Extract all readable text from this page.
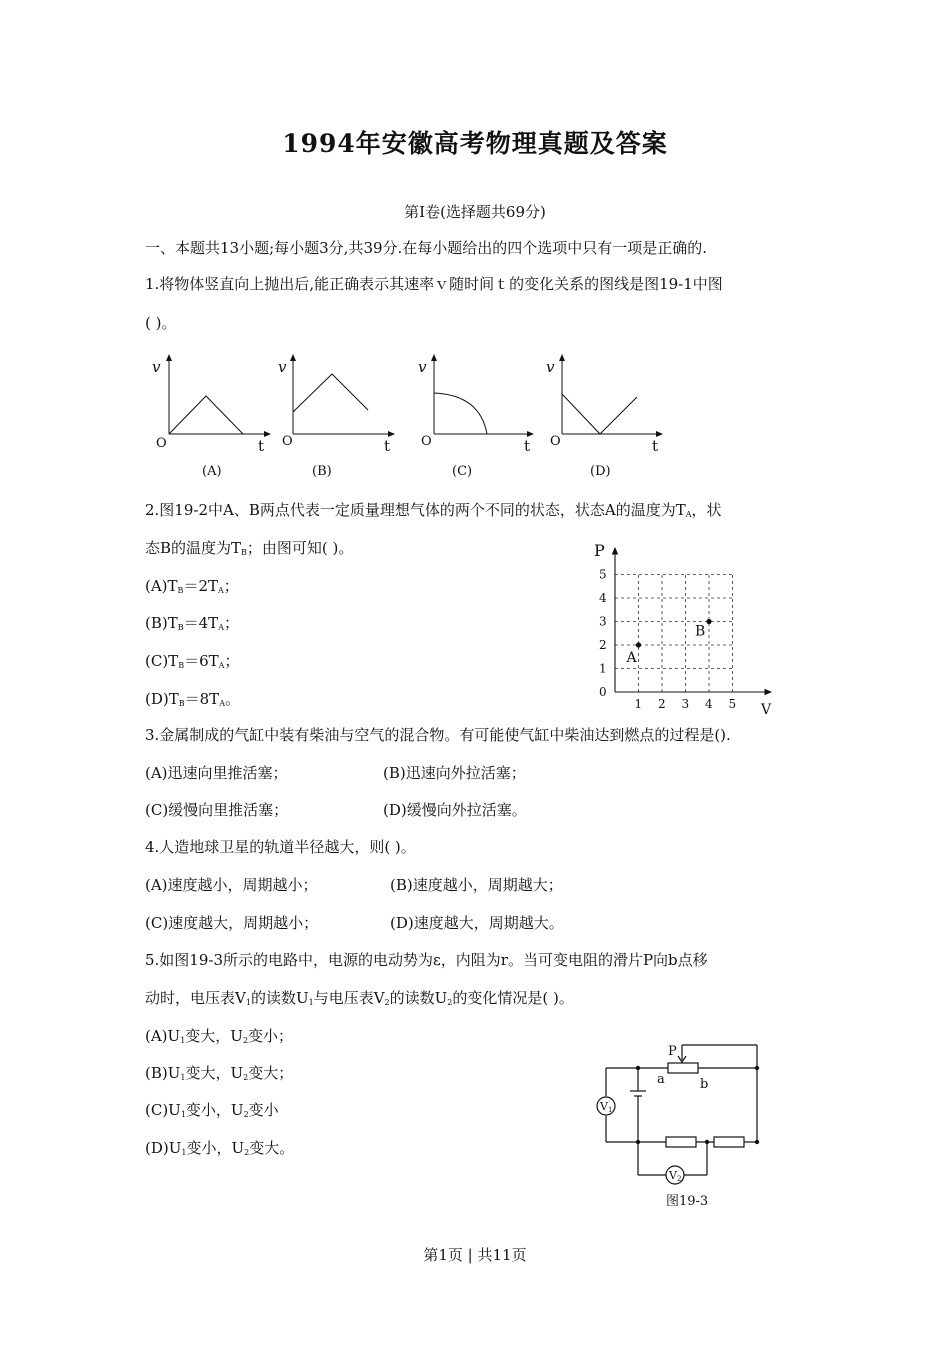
1994年安徽高考物理真题及答案
第Ⅰ卷(选择题共69分)
一、本题共13小题;每小题3分,共39分.在每小题给出的四个选项中只有一项是正确的.
1.将物体竖直向上抛出后,能正确表示其速率ｖ随时间ｔ的变化关系的图线是图19-1中图
( )。
v
O	t
(A)
v
O	t
(B)
v
O	t
(C)
v
O	t
(D)
2.图19-2中A、B两点代表一定质量理想气体的两个不同的状态，状态A的温度为$T_A$，状
态B的温度为$T_B$；由图可知( )。
$(A)T_B=2T_A$；
$(B)T_B=4T_A$；
$(C)T_B=6T_A$；
$(D)T_B=8T_A$。	0
1
2
3
4
5
1 2 3 4 5
A
B
P
V
3.金属制成的气缸中装有柴油与空气的混合物。有可能使气缸中柴油达到燃点的过程是().
(A)迅速向里推活塞；	(B)迅速向外拉活塞；
(C)缓慢向里推活塞；	(D)缓慢向外拉活塞。
4.人造地球卫星的轨道半径越大，则( )。
(A)速度越小，周期越小；	(B)速度越小，周期越大；
(C)速度越大，周期越小；	(D)速度越大，周期越大。
5.如图19-3所示的电路中，电源的电动势为ε，内阻为r。当可变电阻的滑片P向b点移
动时，电压表$V_1$的读数$U_1$与电压表$V_2$的读数$U_2$的变化情况是( )。
$(A)U_1$变大，$U_2$变小；
$(B)U_1$变大，$U_2$变大；
$(C)U_1$变小，$U_2$变小
$(D)U_1$变小，$U_2$变大。
P
a	b
V1
V2
图19-3
第1页 | 共11页
